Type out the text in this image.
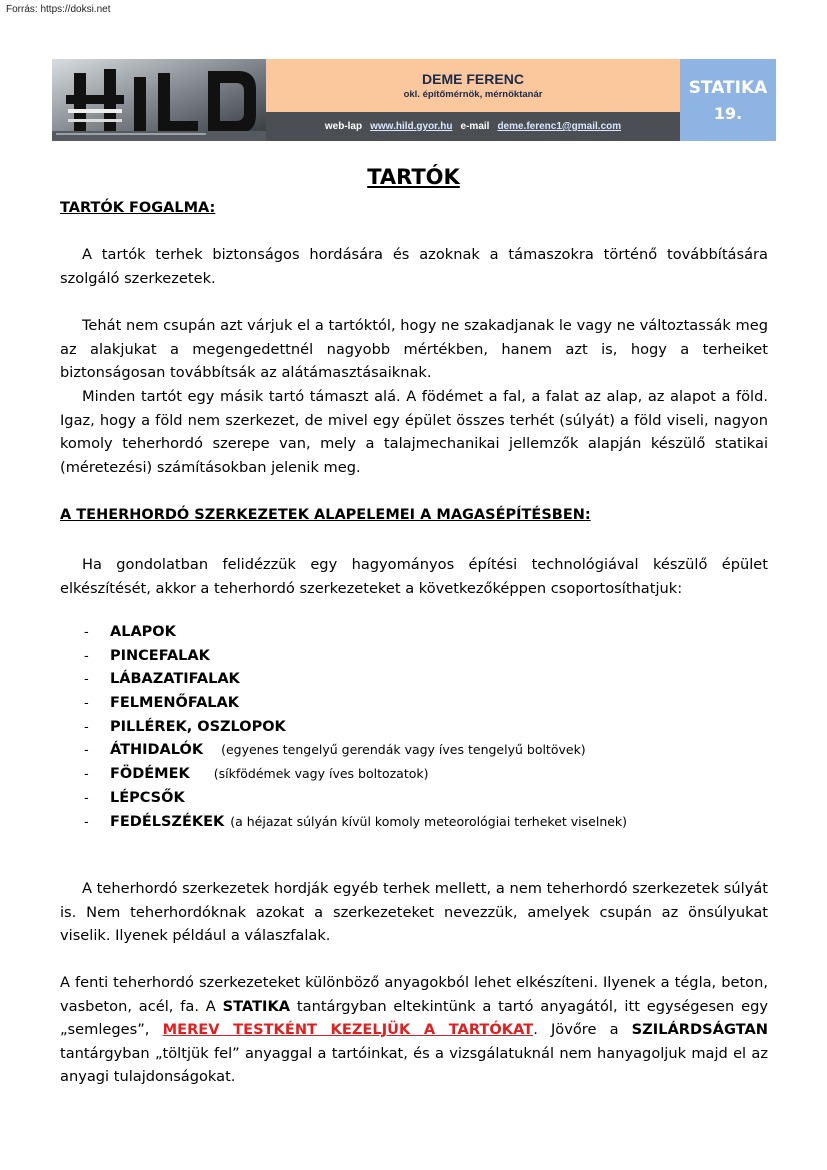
Forrás: https://doksi.net
DEME FERENC
okl. építőmérnök, mérnöktanár
web-lap www.hild.gyor.hu e-mail deme.ferenc1@gmail.com
STATIKA
19.
TARTÓK
TARTÓK FOGALMA:
A tartók terhek biztonságos hordására és azoknak a támaszokra történő továbbítására szolgáló szerkezetek.
Tehát nem csupán azt várjuk el a tartóktól, hogy ne szakadjanak le vagy ne változtassák meg az alakjukat a megengedettnél nagyobb mértékben, hanem azt is, hogy a terheiket biztonságosan továbbítsák az alátámasztásaiknak.
Minden tartót egy másik tartó támaszt alá. A födémet a fal, a falat az alap, az alapot a föld. Igaz, hogy a föld nem szerkezet, de mivel egy épület összes terhét (súlyát) a föld viseli, nagyon komoly teherhordó szerepe van, mely a talajmechanikai jellemzők alapján készülő statikai (méretezési) számításokban jelenik meg.
A TEHERHORDÓ SZERKEZETEK ALAPELEMEI A MAGASÉPÍTÉSBEN:
Ha gondolatban felidézzük egy hagyományos építési technológiával készülő épület elkészítését, akkor a teherhordó szerkezeteket a következőképpen csoportosíthatjuk:
-	ALAPOK
-	PINCEFALAK
-	LÁBAZATIFALAK
-	FELMENŐFALAK
-	PILLÉREK, OSZLOPOK
-	ÁTHIDALÓK (egyenes tengelyű gerendák vagy íves tengelyű boltövek)
-	FÖDÉMEK (síkfödémek vagy íves boltozatok)
-	LÉPCSŐK
-	FEDÉLSZÉKEK (a héjazat súlyán kívül komoly meteorológiai terheket viselnek)
A teherhordó szerkezetek hordják egyéb terhek mellett, a nem teherhordó szerkezetek súlyát is. Nem teherhordóknak azokat a szerkezeteket nevezzük, amelyek csupán az önsúlyukat viselik. Ilyenek például a válaszfalak.
A fenti teherhordó szerkezeteket különböző anyagokból lehet elkészíteni. Ilyenek a tégla, beton, vasbeton, acél, fa. A STATIKA tantárgyban eltekintünk a tartó anyagától, itt egységesen egy „semleges”, MEREV TESTKÉNT KEZELJÜK A TARTÓKAT. Jövőre a SZILÁRDSÁGTAN tantárgyban „töltjük fel” anyaggal a tartóinkat, és a vizsgálatuknál nem hanyagoljuk majd el az anyagi tulajdonságokat.
